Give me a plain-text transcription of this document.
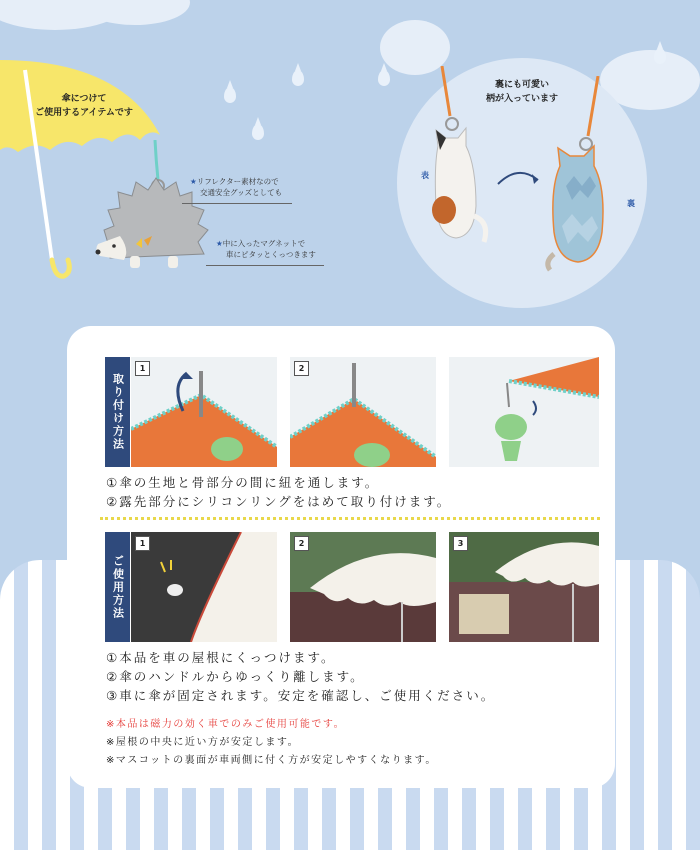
傘につけて
ご使用するアイテムです
★リフレクター素材なので
交通安全グッズとしても
★中に入ったマグネットで
車にピタッとくっつきます
裏にも可愛い
柄が入っています
表
裏
取り付け方法
1	2
①傘の生地と骨部分の間に紐を通します。
②露先部分にシリコンリングをはめて取り付けます。
ご使用方法
1	2	3
①本品を車の屋根にくっつけます。
②傘のハンドルからゆっくり離します。
③車に傘が固定されます。安定を確認し、ご使用ください。
※本品は磁力の効く車でのみご使用可能です。
※屋根の中央に近い方が安定します。
※マスコットの裏面が車両側に付く方が安定しやすくなります。
